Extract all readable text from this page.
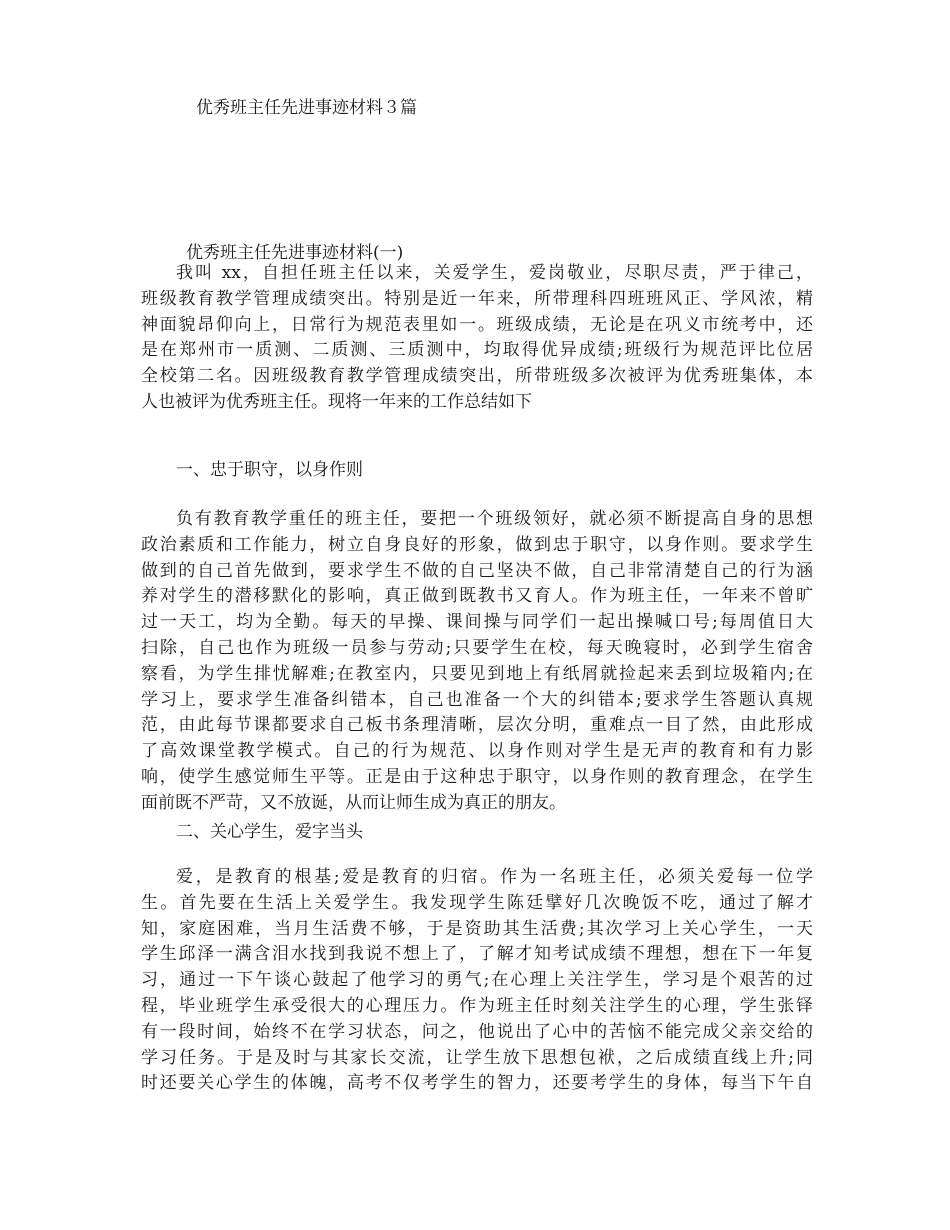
优秀班主任先进事迹材料３篇
优秀班主任先进事迹材料(一)
我叫 xx，自担任班主任以来，关爱学生，爱岗敬业，尽职尽责，严于律己，
班级教育教学管理成绩突出。特别是近一年来，所带理科四班班风正、学风浓，精
神面貌昂仰向上，日常行为规范表里如一。班级成绩，无论是在巩义市统考中，还
是在郑州市一质测、二质测、三质测中，均取得优异成绩;班级行为规范评比位居
全校第二名。因班级教育教学管理成绩突出，所带班级多次被评为优秀班集体，本
人也被评为优秀班主任。现将一年来的工作总结如下
一、忠于职守，以身作则
负有教育教学重任的班主任，要把一个班级领好，就必须不断提高自身的思想
政治素质和工作能力，树立自身良好的形象，做到忠于职守，以身作则。要求学生
做到的自己首先做到，要求学生不做的自己坚决不做，自己非常清楚自己的行为涵
养对学生的潜移默化的影响，真正做到既教书又育人。作为班主任，一年来不曾旷
过一天工，均为全勤。每天的早操、课间操与同学们一起出操喊口号;每周值日大
扫除，自己也作为班级一员参与劳动;只要学生在校，每天晚寝时，必到学生宿舍
察看，为学生排忧解难;在教室内，只要见到地上有纸屑就捡起来丢到垃圾箱内;在
学习上，要求学生准备纠错本，自己也准备一个大的纠错本;要求学生答题认真规
范，由此每节课都要求自己板书条理清晰，层次分明，重难点一目了然，由此形成
了高效课堂教学模式。自己的行为规范、以身作则对学生是无声的教育和有力影
响，使学生感觉师生平等。正是由于这种忠于职守，以身作则的教育理念，在学生
面前既不严苛，又不放诞，从而让师生成为真正的朋友。
二、关心学生，爱字当头
爱，是教育的根基;爱是教育的归宿。作为一名班主任，必须关爱每一位学
生。首先要在生活上关爱学生。我发现学生陈廷擘好几次晚饭不吃，通过了解才
知，家庭困难，当月生活费不够，于是资助其生活费;其次学习上关心学生，一天
学生邱泽一满含泪水找到我说不想上了，了解才知考试成绩不理想，想在下一年复
习，通过一下午谈心鼓起了他学习的勇气;在心理上关注学生，学习是个艰苦的过
程，毕业班学生承受很大的心理压力。作为班主任时刻关注学生的心理，学生张铎
有一段时间，始终不在学习状态，问之，他说出了心中的苦恼不能完成父亲交给的
学习任务。于是及时与其家长交流，让学生放下思想包袱，之后成绩直线上升;同
时还要关心学生的体魄，高考不仅考学生的智力，还要考学生的身体，每当下午自
